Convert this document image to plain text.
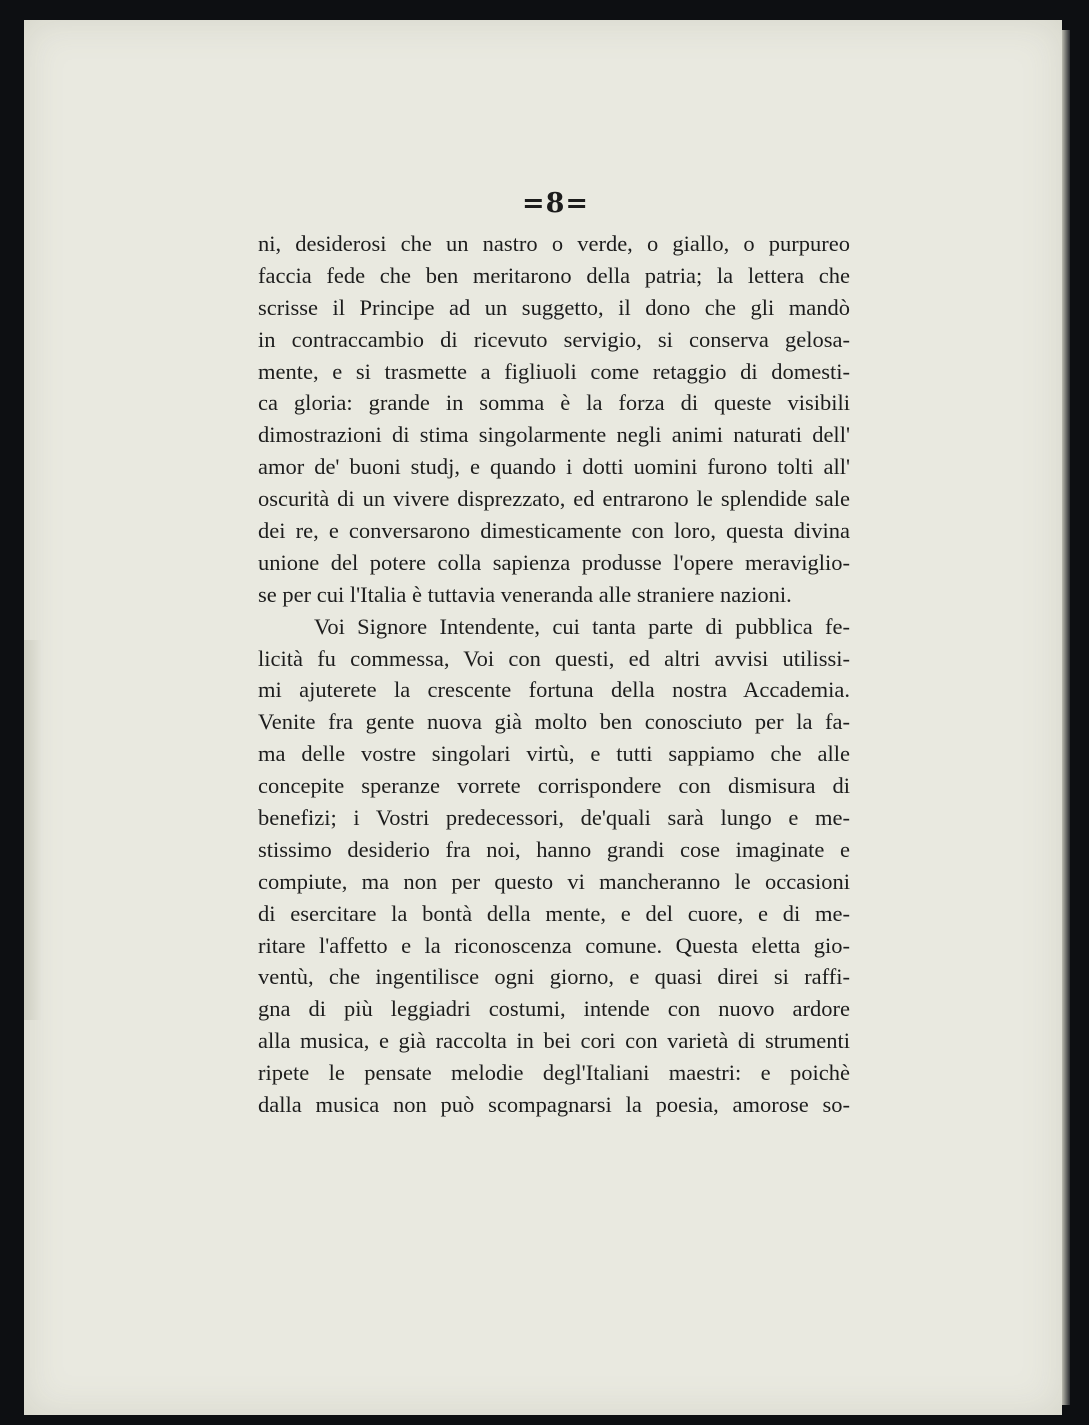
=8=
ni, desiderosi che un nastro o verde, o giallo, o purpureo
faccia fede che ben meritarono della patria; la lettera che
scrisse il Principe ad un suggetto, il dono che gli mandò
in contraccambio di ricevuto servigio, si conserva gelosa-
mente, e si trasmette a figliuoli come retaggio di domesti-
ca gloria: grande in somma è la forza di queste visibili
dimostrazioni di stima singolarmente negli animi naturati dell'
amor de' buoni studj, e quando i dotti uomini furono tolti all'
oscurità di un vivere disprezzato, ed entrarono le splendide sale
dei re, e conversarono dimesticamente con loro, questa divina
unione del potere colla sapienza produsse l'opere meraviglio-
se per cui l'Italia è tuttavia veneranda alle straniere nazioni.
Voi Signore Intendente, cui tanta parte di pubblica fe-
licità fu commessa, Voi con questi, ed altri avvisi utilissi-
mi ajuterete la crescente fortuna della nostra Accademia.
Venite fra gente nuova già molto ben conosciuto per la fa-
ma delle vostre singolari virtù, e tutti sappiamo che alle
concepite speranze vorrete corrispondere con dismisura di
benefizi; i Vostri predecessori, de'quali sarà lungo e me-
stissimo desiderio fra noi, hanno grandi cose imaginate e
compiute, ma non per questo vi mancheranno le occasioni
di esercitare la bontà della mente, e del cuore, e di me-
ritare l'affetto e la riconoscenza comune. Questa eletta gio-
ventù, che ingentilisce ogni giorno, e quasi direi si raffi-
gna di più leggiadri costumi, intende con nuovo ardore
alla musica, e già raccolta in bei cori con varietà di strumenti
ripete le pensate melodie degl'Italiani maestri: e poichè
dalla musica non può scompagnarsi la poesia, amorose so-
